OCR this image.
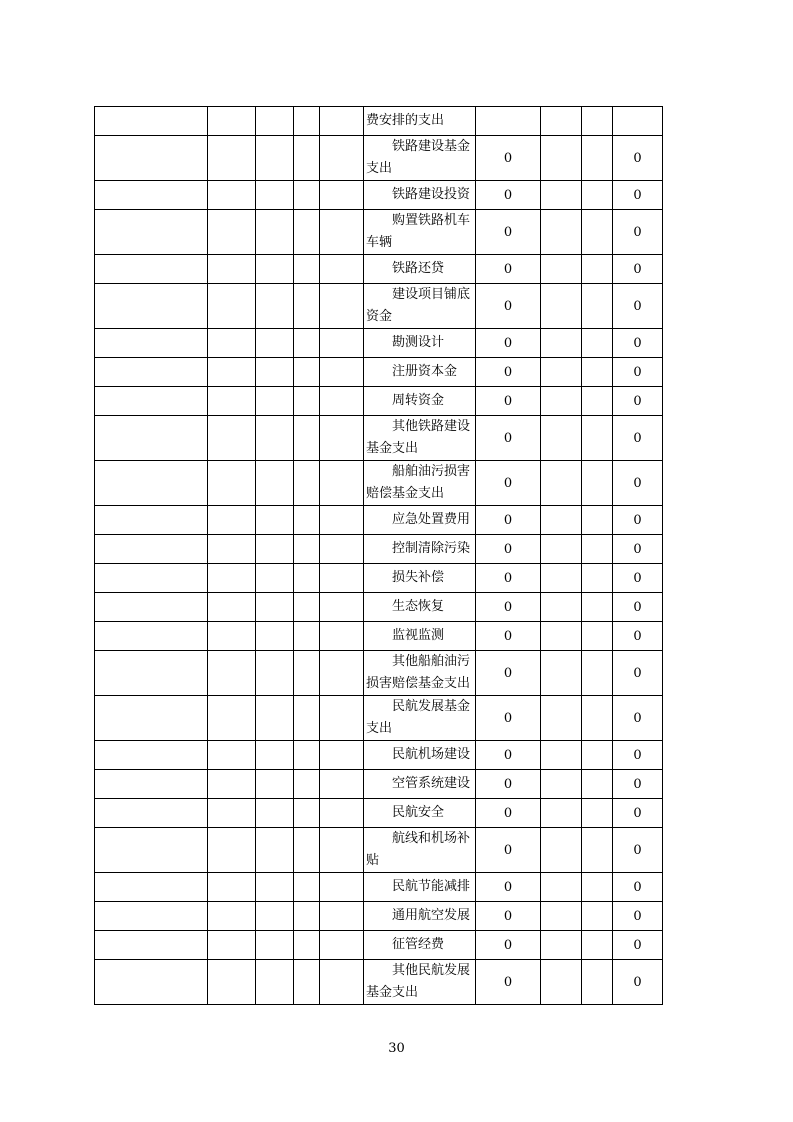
					费安排的支出				
					铁路建设基金支出	0			0
					铁路建设投资	0			0
					购置铁路机车车辆	0			0
					铁路还贷	0			0
					建设项目铺底资金	0			0
					勘测设计	0			0
					注册资本金	0			0
					周转资金	0			0
					其他铁路建设基金支出	0			0
					船舶油污损害赔偿基金支出	0			0
					应急处置费用	0			0
					控制清除污染	0			0
					损失补偿	0			0
					生态恢复	0			0
					监视监测	0			0
					其他船舶油污损害赔偿基金支出	0			0
					民航发展基金支出	0			0
					民航机场建设	0			0
					空管系统建设	0			0
					民航安全	0			0
					航线和机场补贴	0			0
					民航节能减排	0			0
					通用航空发展	0			0
					征管经费	0			0
					其他民航发展基金支出	0			0
30
